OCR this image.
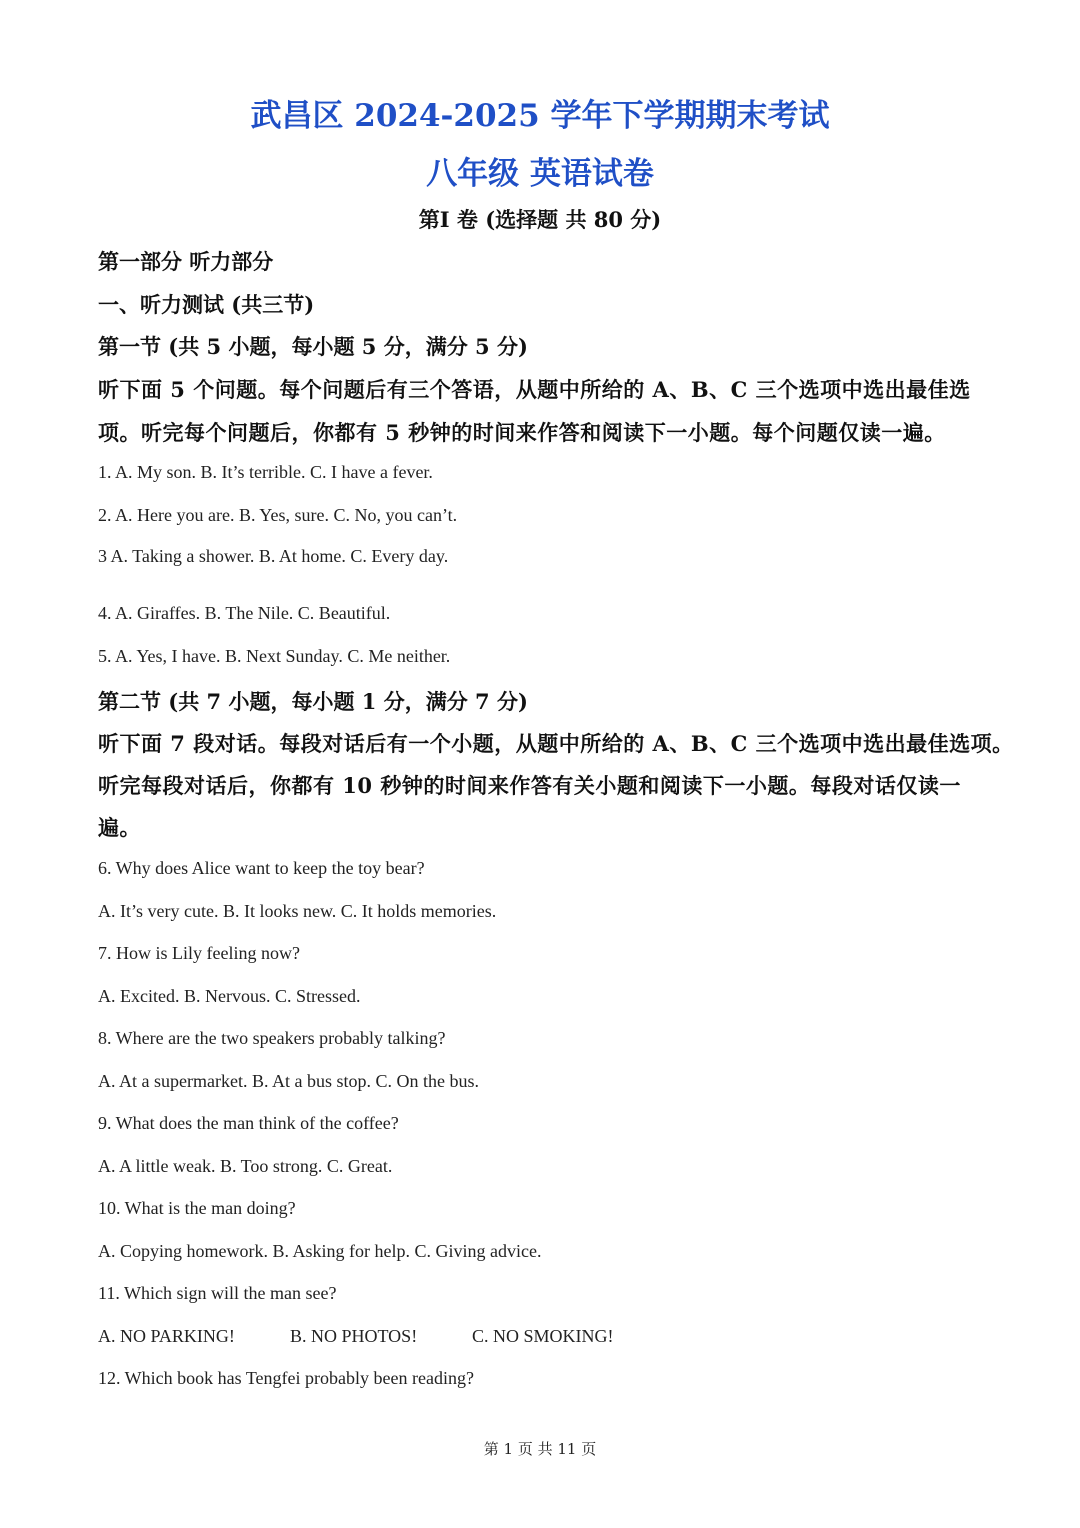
武昌区 2024-2025 学年下学期期末考试
八年级 英语试卷
第Ⅰ 卷 (选择题 共 80 分)
第一部分 听力部分
一、听力测试 (共三节)
第一节 (共 5 小题，每小题 5 分，满分 5 分)
听下面 5 个问题。每个问题后有三个答语，从题中所给的 A、B、C 三个选项中选出最佳选
项。听完每个问题后，你都有 5 秒钟的时间来作答和阅读下一小题。每个问题仅读一遍。
1. A. My son. B. It’s terrible. C. I have a fever.
2. A. Here you are. B. Yes, sure. C. No, you can’t.
3 A. Taking a shower. B. At home. C. Every day.
4. A. Giraffes. B. The Nile. C. Beautiful.
5. A. Yes, I have. B. Next Sunday. C. Me neither.
第二节 (共 7 小题，每小题 1 分，满分 7 分)
听下面 7 段对话。每段对话后有一个小题，从题中所给的 A、B、C 三个选项中选出最佳选项。
听完每段对话后，你都有 10 秒钟的时间来作答有关小题和阅读下一小题。每段对话仅读一
遍。
6. Why does Alice want to keep the toy bear?
A. It’s very cute. B. It looks new. C. It holds memories.
7. How is Lily feeling now?
A. Excited. B. Nervous. C. Stressed.
8. Where are the two speakers probably talking?
A. At a supermarket. B. At a bus stop. C. On the bus.
9. What does the man think of the coffee?
A. A little weak. B. Too strong. C. Great.
10. What is the man doing?
A. Copying homework. B. Asking for help. C. Giving advice.
11. Which sign will the man see?
A. NO PARKING!	B. NO PHOTOS!	C. NO SMOKING!
12. Which book has Tengfei probably been reading?
第 1 页 共 11 页
